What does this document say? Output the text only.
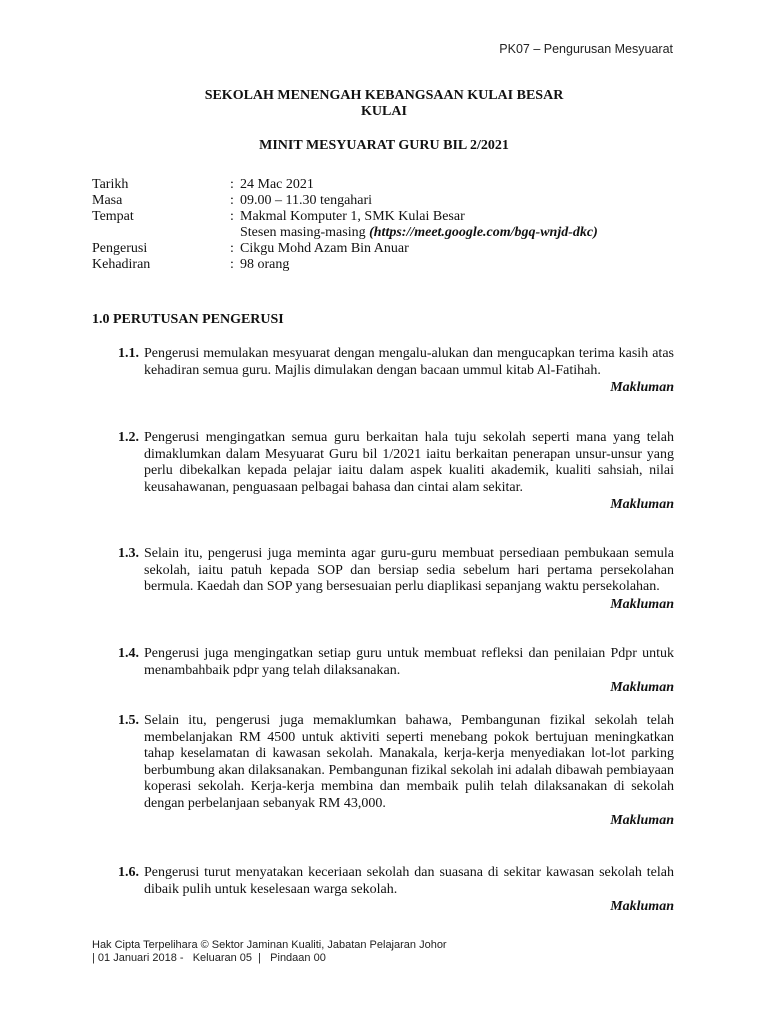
PK07 – Pengurusan Mesyuarat
SEKOLAH MENENGAH KEBANGSAAN KULAI BESAR
KULAI
MINIT MESYUARAT GURU BIL 2/2021
Tarikh	: 24 Mac 2021
Masa	: 09.00 – 11.30 tengahari
Tempat	: Makmal Komputer 1, SMK Kulai Besar
Stesen masing-masing (https://meet.google.com/bgq-wnjd-dkc)
Pengerusi	: Cikgu Mohd Azam Bin Anuar
Kehadiran	: 98 orang
1.0 PERUTUSAN PENGERUSI
1.1. Pengerusi memulakan mesyuarat dengan mengalu-alukan dan mengucapkan terima kasih atas kehadiran semua guru. Majlis dimulakan dengan bacaan ummul kitab Al-Fatihah.
Makluman
1.2. Pengerusi mengingatkan semua guru berkaitan hala tuju sekolah seperti mana yang telah dimaklumkan dalam Mesyuarat Guru bil 1/2021 iaitu berkaitan penerapan unsur-unsur yang perlu dibekalkan kepada pelajar iaitu dalam aspek kualiti akademik, kualiti sahsiah, nilai keusahawanan, penguasaan pelbagai bahasa dan cintai alam sekitar.
Makluman
1.3. Selain itu, pengerusi juga meminta agar guru-guru membuat persediaan pembukaan semula sekolah, iaitu patuh kepada SOP dan bersiap sedia sebelum hari pertama persekolahan bermula. Kaedah dan SOP yang bersesuaian perlu diaplikasi sepanjang waktu persekolahan.
Makluman
1.4. Pengerusi juga mengingatkan setiap guru untuk membuat refleksi dan penilaian Pdpr untuk menambahbaik pdpr yang telah dilaksanakan.
Makluman
1.5. Selain itu, pengerusi juga memaklumkan bahawa, Pembangunan fizikal sekolah telah membelanjakan RM 4500 untuk aktiviti seperti menebang pokok bertujuan meningkatkan tahap keselamatan di kawasan sekolah. Manakala, kerja-kerja menyediakan lot-lot parking berbumbung akan dilaksanakan. Pembangunan fizikal sekolah ini adalah dibawah pembiayaan koperasi sekolah. Kerja-kerja membina dan membaik pulih telah dilaksanakan di sekolah dengan perbelanjaan sebanyak RM 43,000.
Makluman
1.6. Pengerusi turut menyatakan keceriaan sekolah dan suasana di sekitar kawasan sekolah telah dibaik pulih untuk keselesaan warga sekolah.
Makluman
Hak Cipta Terpelihara © Sektor Jaminan Kualiti, Jabatan Pelajaran Johor
| 01 Januari 2018 -   Keluaran 05  |   Pindaan 00
